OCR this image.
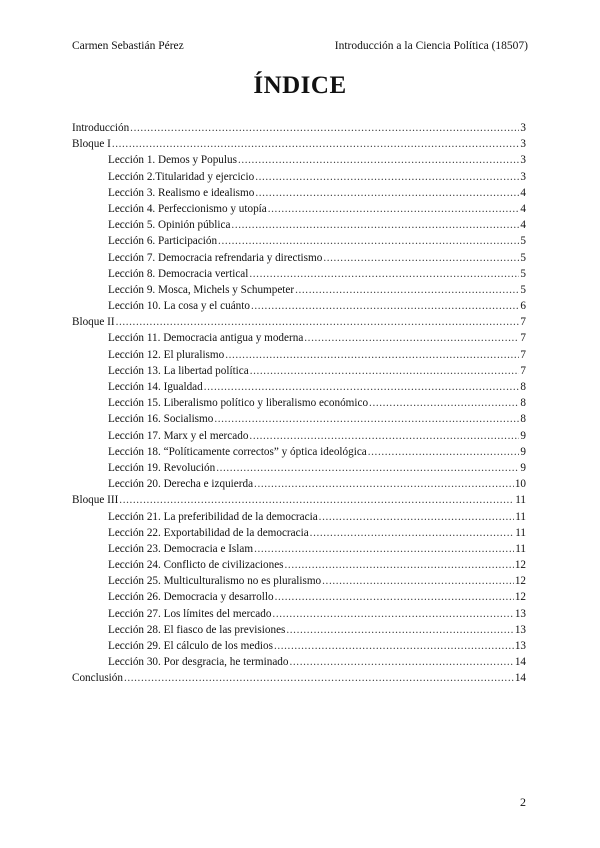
Carmen Sebastián Pérez	Introducción a la Ciencia Política (18507)
ÍNDICE
Introducción .....	3
Bloque I .....	3
Lección 1. Demos y Populus .....	3
Lección 2.Titularidad y ejercicio .....	3
Lección 3. Realismo e idealismo .....	4
Lección 4. Perfeccionismo y utopía .....	4
Lección 5. Opinión pública .....	4
Lección 6. Participación .....	5
Lección 7. Democracia refrendaria y directismo .....	5
Lección 8. Democracia vertical .....	5
Lección 9. Mosca, Michels y Schumpeter .....	5
Lección 10. La cosa y el cuánto .....	6
Bloque II .....	7
Lección 11. Democracia antigua y moderna .....	7
Lección 12. El pluralismo .....	7
Lección 13. La libertad política .....	7
Lección 14. Igualdad .....	8
Lección 15. Liberalismo político y liberalismo económico .....	8
Lección 16. Socialismo .....	8
Lección 17. Marx y el mercado .....	9
Lección 18. “Políticamente correctos” y óptica ideológica .....	9
Lección 19. Revolución .....	9
Lección 20. Derecha e izquierda .....	10
Bloque III .....	11
Lección 21. La preferibilidad de la democracia .....	11
Lección 22. Exportabilidad de la democracia .....	11
Lección 23. Democracia e Islam .....	11
Lección 24. Conflicto de civilizaciones .....	12
Lección 25. Multiculturalismo no es pluralismo .....	12
Lección 26. Democracia y desarrollo .....	12
Lección 27. Los límites del mercado .....	13
Lección 28. El fiasco de las previsiones .....	13
Lección 29. El cálculo de los medios .....	13
Lección 30. Por desgracia, he terminado .....	14
Conclusión .....	14
2
